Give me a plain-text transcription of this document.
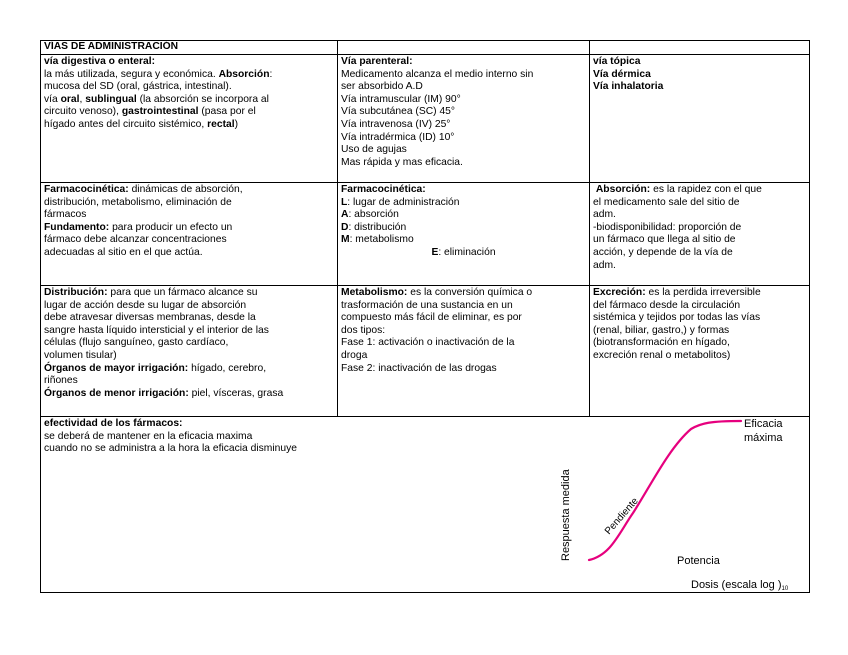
VÍAS DE ADMINISTRACIÓN
vía digestiva o enteral:
la más utilizada, segura y económica. Absorción:
mucosa del SD (oral, gástrica, intestinal).
vía oral, sublingual (la absorción se incorpora al
circuito venoso), gastrointestinal (pasa por el
hígado antes del circuito sistémico, rectal)
Vía parenteral:
Medicamento alcanza el medio interno sin
ser absorbido A.D
Vía intramuscular (IM) 90°
Vía subcutánea (SC) 45°
Vía intravenosa (IV) 25°
Vía intradérmica (ID) 10°
Uso de agujas
Mas rápida y mas eficacia.
vía tópica
Vía dérmica
Vía inhalatoria
Farmacocinética: dinámicas de absorción,
distribución, metabolismo, eliminación de
fármacos
Fundamento: para producir un efecto un
fármaco debe alcanzar concentraciones
adecuadas al sitio en el que actúa.
Farmacocinética:
L: lugar de administración
A: absorción
D: distribución
M: metabolismo
E: eliminación
Absorción: es la rapidez con el que
el medicamento sale del sitio de
adm.
-biodisponibilidad: proporción de
un fármaco que llega al sitio de
acción, y depende de la vía de
adm.
Distribución: para que un fármaco alcance su
lugar de acción desde su lugar de absorción
debe atravesar diversas membranas, desde la
sangre hasta líquido intersticial y el interior de las
células (flujo sanguíneo, gasto cardíaco,
volumen tisular)
Órganos de mayor irrigación: hígado, cerebro,
riñones
Órganos de menor irrigación: piel, vísceras, grasa
Metabolismo: es la conversión química o
trasformación de una sustancia en un
compuesto más fácil de eliminar, es por
dos tipos:
Fase 1: activación o inactivación de la
droga
Fase 2: inactivación de las drogas
Excreción: es la perdida irreversible
del fármaco desde la circulación
sistémica y tejidos por todas las vías
(renal, biliar, gastro,) y formas
(biotransformación en hígado,
excreción renal o metabolitos)
efectividad de los fármacos:
se deberá de mantener en la eficacia maxima
cuando no se administra a la hora la eficacia disminuye
Respuesta medida	Pendiente
Eficacia
máxima
Potencia
Dosis (escala log )10
